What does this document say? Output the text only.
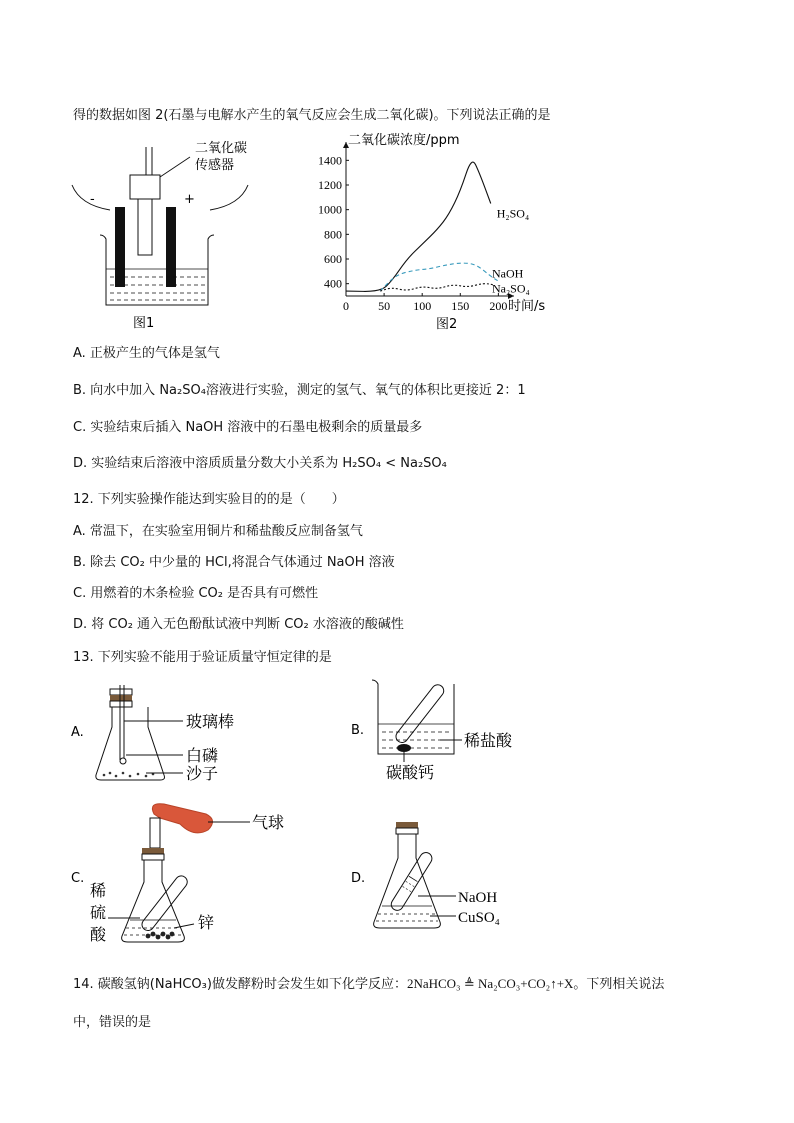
得的数据如图 2(石墨与电解水产生的氧气反应会生成二氧化碳)。下列说法正确的是
二氧化碳
传感器
-	+
图1
二氧化碳浓度/ppm
时间/s
0 50 100 150 200
400
600
800
1000
1200
1400
H₂SO₄
NaOH
Na₂SO₄
图2
A. 正极产生的气体是氢气
B. 向水中加入 Na₂SO₄溶液进行实验，测定的氢气、氧气的体积比更接近 2：1
C. 实验结束后插入 NaOH 溶液中的石墨电极剩余的质量最多
D. 实验结束后溶液中溶质质量分数大小关系为 H₂SO₄ < Na₂SO₄
12. 下列实验操作能达到实验目的的是（　　）
A. 常温下，在实验室用铜片和稀盐酸反应制备氢气
B. 除去 CO₂ 中少量的 HCl,将混合气体通过 NaOH 溶液
C. 用燃着的木条检验 CO₂ 是否具有可燃性
D. 将 CO₂ 通入无色酚酞试液中判断 CO₂ 水溶液的酸碱性
13. 下列实验不能用于验证质量守恒定律的是
A.
玻璃棒
白磷
沙子
B.
稀盐酸
碳酸钙
C.
气球
稀
硫
酸
锌
D.
NaOH
CuSO₄
14. 碳酸氢钠(NaHCO₃)做发酵粉时会发生如下化学反应：2NaHCO₃ ≜ Na₂CO₃+CO₂↑+X。下列相关说法
中，错误的是
